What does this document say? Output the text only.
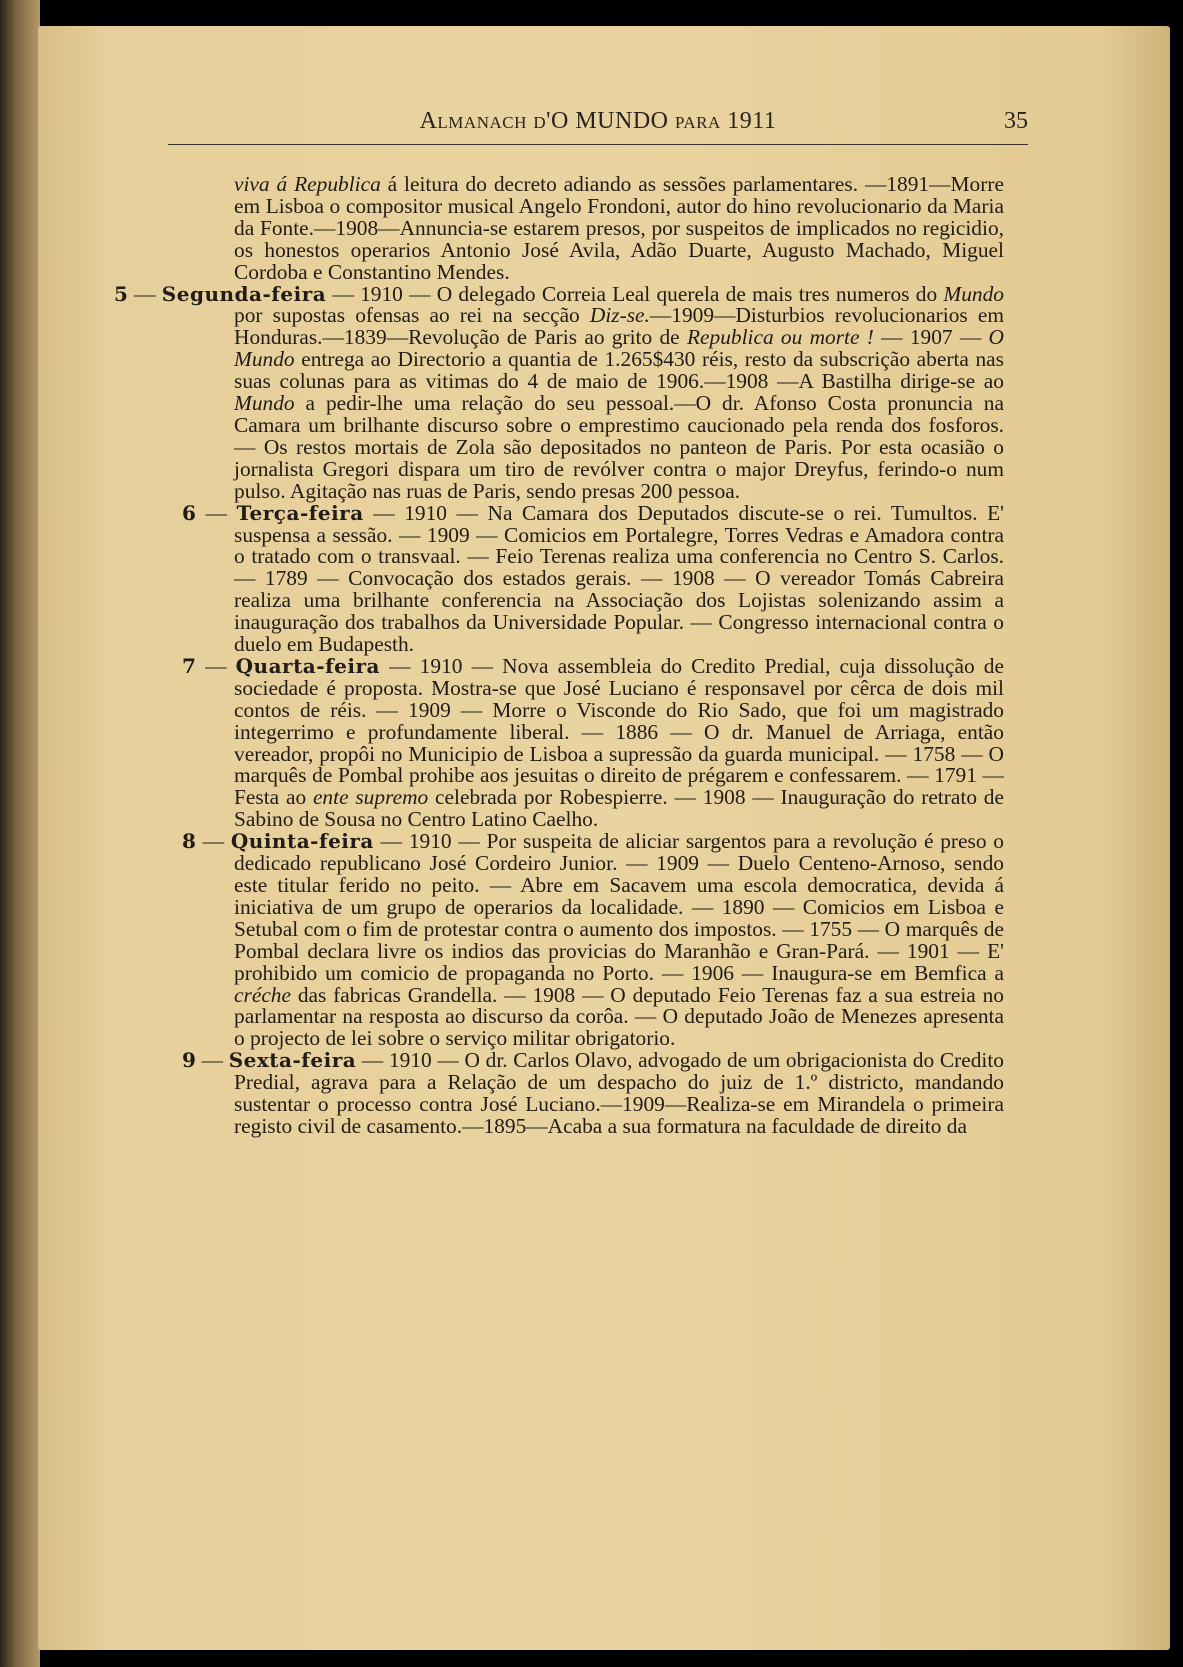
Almanach d'O MUNDO para 1911	35

viva á Republica á leitura do decreto adiando as sessões parlamentares. —1891—Morre em Lisboa o compositor musical Angelo Frondoni, autor do hino revolucionario da Maria da Fonte.—1908—Annuncia-se estarem presos, por suspeitos de implicados no regicidio, os honestos operarios Antonio José Avila, Adão Duarte, Augusto Machado, Miguel Cordoba e Constantino Mendes.

5 — Segunda-feira — 1910 — O delegado Correia Leal querela de mais tres numeros do Mundo por supostas ofensas ao rei na secção Diz-se.—1909—Disturbios revolucionarios em Honduras.—1839—Revolução de Paris ao grito de Republica ou morte ! — 1907 — O Mundo entrega ao Directorio a quantia de 1.265$430 réis, resto da subscrição aberta nas suas colunas para as vitimas do 4 de maio de 1906.—1908 —A Bastilha dirige-se ao Mundo a pedir-lhe uma relação do seu pessoal.—O dr. Afonso Costa pronuncia na Camara um brilhante discurso sobre o emprestimo caucionado pela renda dos fosforos. — Os restos mortais de Zola são depositados no panteon de Paris. Por esta ocasião o jornalista Gregori dispara um tiro de revólver contra o major Dreyfus, ferindo-o num pulso. Agitação nas ruas de Paris, sendo presas 200 pessoa.

6 — Terça-feira — 1910 — Na Camara dos Deputados discute-se o rei. Tumultos. E' suspensa a sessão. — 1909 — Comicios em Portalegre, Torres Vedras e Amadora contra o tratado com o transvaal. — Feio Terenas realiza uma conferencia no Centro S. Carlos. — 1789 — Convocação dos estados gerais. — 1908 — O vereador Tomás Cabreira realiza uma brilhante conferencia na Associação dos Lojistas solenizando assim a inauguração dos trabalhos da Universidade Popular. — Congresso internacional contra o duelo em Budapesth.

7 — Quarta-feira — 1910 — Nova assembleia do Credito Predial, cuja dissolução de sociedade é proposta. Mostra-se que José Luciano é responsavel por cêrca de dois mil contos de réis. — 1909 — Morre o Visconde do Rio Sado, que foi um magistrado integerrimo e profundamente liberal. — 1886 — O dr. Manuel de Arriaga, então vereador, propôi no Municipio de Lisboa a supressão da guarda municipal. — 1758 — O marquês de Pombal prohibe aos jesuitas o direito de prégarem e confessarem. — 1791 — Festa ao ente supremo celebrada por Robespierre. — 1908 — Inauguração do retrato de Sabino de Sousa no Centro Latino Caelho.

8 — Quinta-feira — 1910 — Por suspeita de aliciar sargentos para a revolução é preso o dedicado republicano José Cordeiro Junior. — 1909 — Duelo Centeno-Arnoso, sendo este titular ferido no peito. — Abre em Sacavem uma escola democratica, devida á iniciativa de um grupo de operarios da localidade. — 1890 — Comicios em Lisboa e Setubal com o fim de protestar contra o aumento dos impostos. — 1755 — O marquês de Pombal declara livre os indios das provicias do Maranhão e Gran-Pará. — 1901 — E' prohibido um comicio de propaganda no Porto. — 1906 — Inaugura-se em Bemfica a créche das fabricas Grandella. — 1908 — O deputado Feio Terenas faz a sua estreia no parlamentar na resposta ao discurso da corôa. — O deputado João de Menezes apresenta o projecto de lei sobre o serviço militar obrigatorio.

9 — Sexta-feira — 1910 — O dr. Carlos Olavo, advogado de um obrigacionista do Credito Predial, agrava para a Relação de um despacho do juiz de 1.º districto, mandando sustentar o processo contra José Luciano.—1909—Realiza-se em Mirandela o primeira registo civil de casamento.—1895—Acaba a sua formatura na faculdade de direito da
